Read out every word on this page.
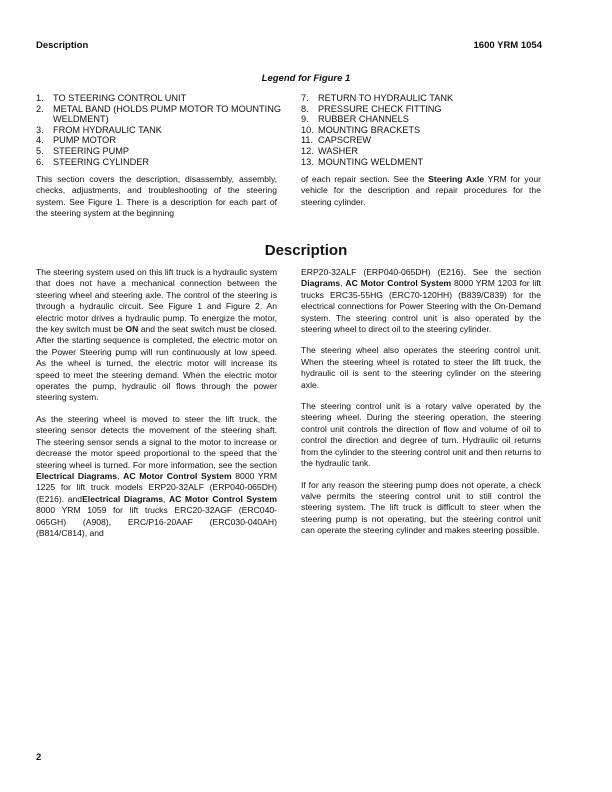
Description	1600 YRM 1054
Legend for Figure 1
1.	TO STEERING CONTROL UNIT
2.	METAL BAND (HOLDS PUMP MOTOR TO MOUNTING WELDMENT)
3.	FROM HYDRAULIC TANK
4.	PUMP MOTOR
5.	STEERING PUMP
6.	STEERING CYLINDER
7.	RETURN TO HYDRAULIC TANK
8.	PRESSURE CHECK FITTING
9.	RUBBER CHANNELS
10. MOUNTING BRACKETS
11. CAPSCREW
12. WASHER
13. MOUNTING WELDMENT

This section covers the description, disassembly, assembly, checks, adjustments, and troubleshooting of the steering system. See Figure 1. There is a description for each part of the steering system at the beginning

of each repair section. See the Steering Axle YRM for your vehicle for the description and repair procedures for the steering cylinder.

Description

The steering system used on this lift truck is a hydraulic system that does not have a mechanical connection between the steering wheel and steering axle. The control of the steering is through a hydraulic circuit. See Figure 1 and Figure 2. An electric motor drives a hydraulic pump. To energize the motor, the key switch must be ON and the seat switch must be closed. After the starting sequence is completed, the electric motor on the Power Steering pump will run continuously at low speed. As the wheel is turned, the electric motor will increase its speed to meet the steering demand. When the electric motor operates the pump, hydraulic oil flows through the power steering system.

As the steering wheel is moved to steer the lift truck, the steering sensor detects the movement of the steering shaft. The steering sensor sends a signal to the motor to increase or decrease the motor speed proportional to the speed that the steering wheel is turned. For more information, see the section Electrical Diagrams, AC Motor Control System 8000 YRM 1225 for lift truck models ERP20-32ALF (ERP040-065DH) (E216). andElectrical Diagrams, AC Motor Control System 8000 YRM 1059 for lift trucks ERC20-32AGF (ERC040-065GH) (A908), ERC/P16-20AAF (ERC030-040AH) (B814/C814), and

ERP20-32ALF (ERP040-065DH) (E216). See the section Diagrams, AC Motor Control System 8000 YRM 1203 for lift trucks ERC35-55HG (ERC70-120HH) (B839/C839) for the electrical connections for Power Steering with the On-Demand system. The steering control unit is also operated by the steering wheel to direct oil to the steering cylinder.

The steering wheel also operates the steering control unit. When the steering wheel is rotated to steer the lift truck, the hydraulic oil is sent to the steering cylinder on the steering axle.

The steering control unit is a rotary valve operated by the steering wheel. During the steering operation, the steering control unit controls the direction of flow and volume of oil to control the direction and degree of turn. Hydraulic oil returns from the cylinder to the steering control unit and then returns to the hydraulic tank.

If for any reason the steering pump does not operate, a check valve permits the steering control unit to still control the steering system. The lift truck is difficult to steer when the steering pump is not operating, but the steering control unit can operate the steering cylinder and makes steering possible.

2
